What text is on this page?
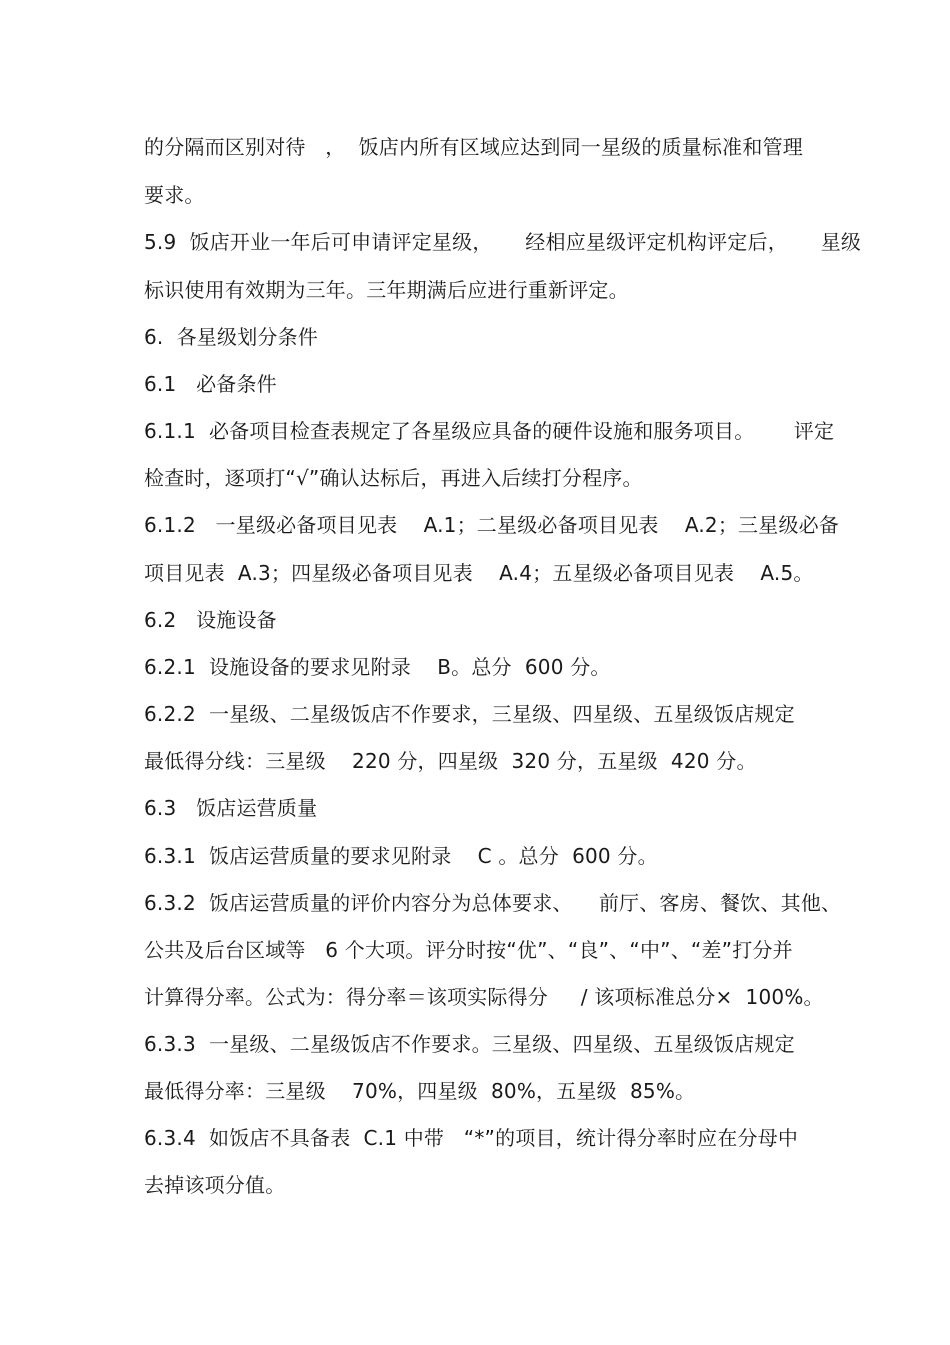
的分隔而区别对待   ，  饭店内所有区域应达到同一星级的质量标准和管理
要求。
5.9  饭店开业一年后可申请评定星级，     经相应星级评定机构评定后，     星级
标识使用有效期为三年。三年期满后应进行重新评定。
6.  各星级划分条件
6.1   必备条件
6.1.1  必备项目检查表规定了各星级应具备的硬件设施和服务项目。      评定
检查时，逐项打“√”确认达标后，再进入后续打分程序。
6.1.2   一星级必备项目见表    A.1；二星级必备项目见表    A.2；三星级必备
项目见表  A.3；四星级必备项目见表    A.4；五星级必备项目见表    A.5。
6.2   设施设备
6.2.1  设施设备的要求见附录    B。总分  600 分。
6.2.2  一星级、二星级饭店不作要求，三星级、四星级、五星级饭店规定
最低得分线：三星级    220 分，四星级  320 分，五星级  420 分。
6.3   饭店运营质量
6.3.1  饭店运营质量的要求见附录    C 。总分  600 分。
6.3.2  饭店运营质量的评价内容分为总体要求、    前厅、客房、餐饮、其他、
公共及后台区域等   6 个大项。评分时按“优”、“良”、“中”、“差”打分并
计算得分率。公式为：得分率＝该项实际得分     / 该项标准总分×  100%。
6.3.3  一星级、二星级饭店不作要求。三星级、四星级、五星级饭店规定
最低得分率：三星级    70%，四星级  80%，五星级  85%。
6.3.4  如饭店不具备表  C.1 中带   “*”的项目，统计得分率时应在分母中
去掉该项分值。
